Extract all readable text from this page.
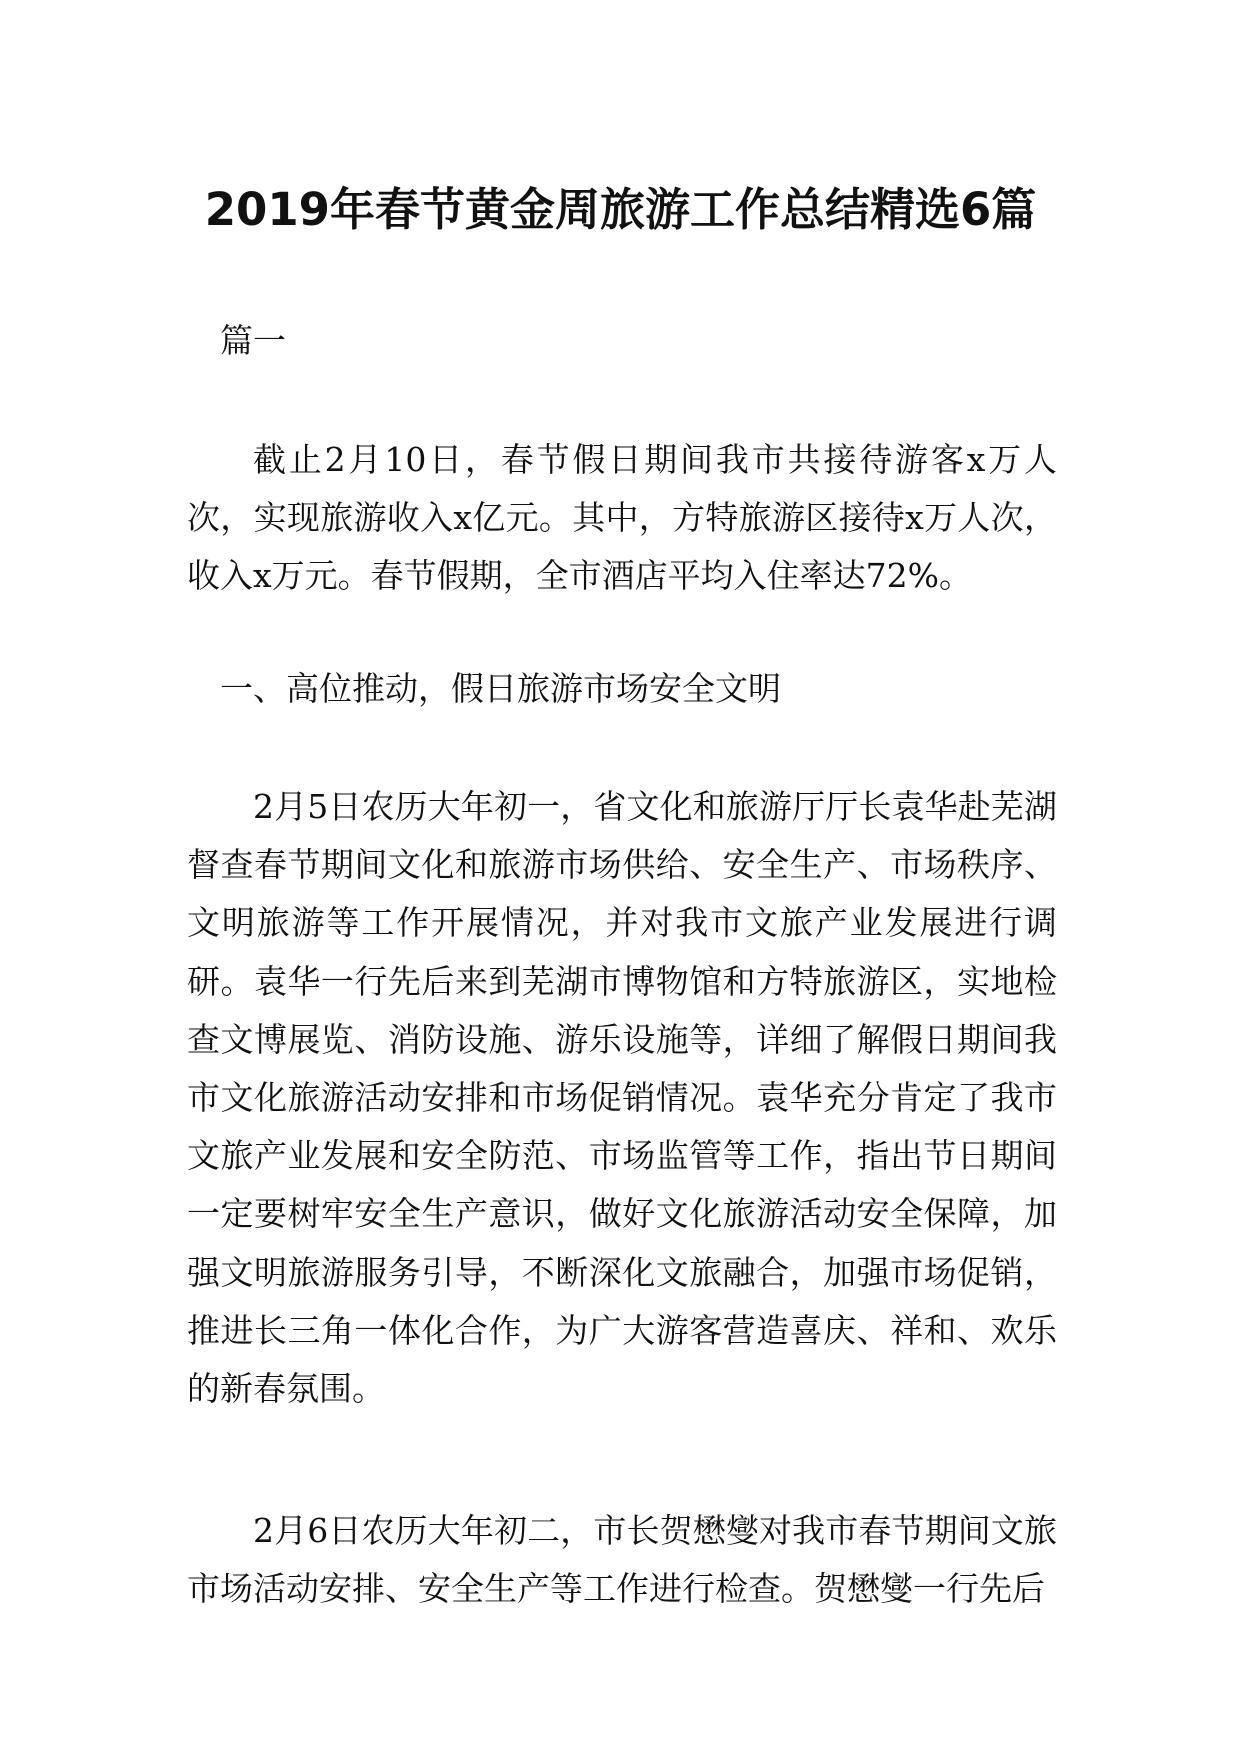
2019年春节黄金周旅游工作总结精选6篇

篇一

截止2月10日，春节假日期间我市共接待游客x万人次，实现旅游收入x亿元。其中，方特旅游区接待x万人次，收入x万元。春节假期，全市酒店平均入住率达72%。

一、高位推动，假日旅游市场安全文明

2月5日农历大年初一，省文化和旅游厅厅长袁华赴芜湖督查春节期间文化和旅游市场供给、安全生产、市场秩序、文明旅游等工作开展情况，并对我市文旅产业发展进行调研。袁华一行先后来到芜湖市博物馆和方特旅游区，实地检查文博展览、消防设施、游乐设施等，详细了解假日期间我市文化旅游活动安排和市场促销情况。袁华充分肯定了我市文旅产业发展和安全防范、市场监管等工作，指出节日期间一定要树牢安全生产意识，做好文化旅游活动安全保障，加强文明旅游服务引导，不断深化文旅融合，加强市场促销，推进长三角一体化合作，为广大游客营造喜庆、祥和、欢乐的新春氛围。

2月6日农历大年初二，市长贺懋燮对我市春节期间文旅市场活动安排、安全生产等工作进行检查。贺懋燮一行先后
